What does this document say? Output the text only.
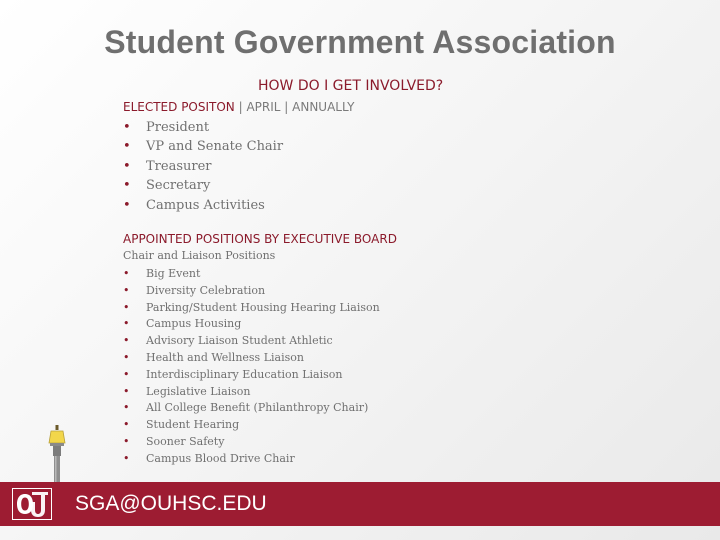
Student Government Association
HOW DO I GET INVOLVED?
ELECTED POSITON | APRIL | ANNUALLY
• President
• VP and Senate Chair
• Treasurer
• Secretary
• Campus Activities
APPOINTED POSITIONS BY EXECUTIVE BOARD
Chair and Liaison Positions
• Big Event
• Diversity Celebration
• Parking/Student Housing Hearing Liaison
• Campus Housing
• Advisory Liaison Student Athletic
• Health and Wellness Liaison
• Interdisciplinary Education Liaison
• Legislative Liaison
• All College Benefit (Philanthropy Chair)
• Student Hearing
• Sooner Safety
• Campus Blood Drive Chair
SGA@OUHSC.EDU
